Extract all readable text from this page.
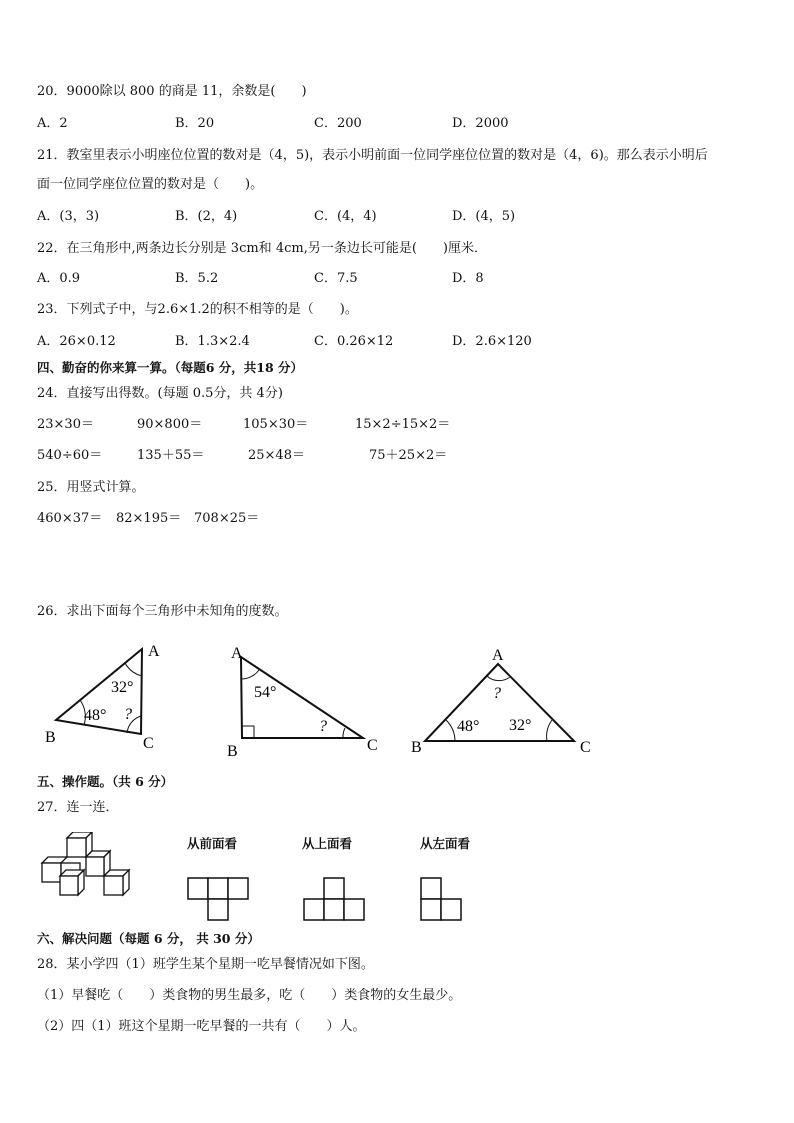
20．9000除以 800 的商是 11，余数是(　　)
A．2	B．20	C．200	D．2000
21．教室里表示小明座位位置的数对是（4，5)，表示小明前面一位同学座位位置的数对是（4，6)。那么表示小明后
面一位同学座位位置的数对是（　　)。
A．(3，3)	B．(2，4)	C．(4，4)	D．(4，5)
22．在三角形中,两条边长分别是 3cm和 4cm,另一条边长可能是(　　)厘米．
A．0.9	B．5.2	C．7.5	D．8
23．下列式子中，与2.6×1.2的积不相等的是（　　)。
A．26×0.12	B．1.3×2.4	C．0.26×12	D．2.6×120
四、勤奋的你来算一算。（每题6 分，共18 分）
24．直接写出得数。(每题 0.5分，共 4分)
23×30＝	90×800＝	105×30＝	15×2÷15×2＝
540÷60＝	135＋55＝	25×48＝	75＋25×2＝
25．用竖式计算。
460×37＝ 82×195＝ 708×25＝
26．求出下面每个三角形中未知角的度数。
A
B	C
32°
48° ?
A
B	C
54°
?
A
B	C
?
48° 32°
五、操作题。（共 6 分）
27．连一连．
从前面看	从上面看	从左面看
六、解决问题（每题 6 分， 共 30 分）
28．某小学四（1）班学生某个星期一吃早餐情况如下图。
（1）早餐吃（　　）类食物的男生最多，吃（　　）类食物的女生最少。
（2）四（1）班这个星期一吃早餐的一共有（　　）人。
